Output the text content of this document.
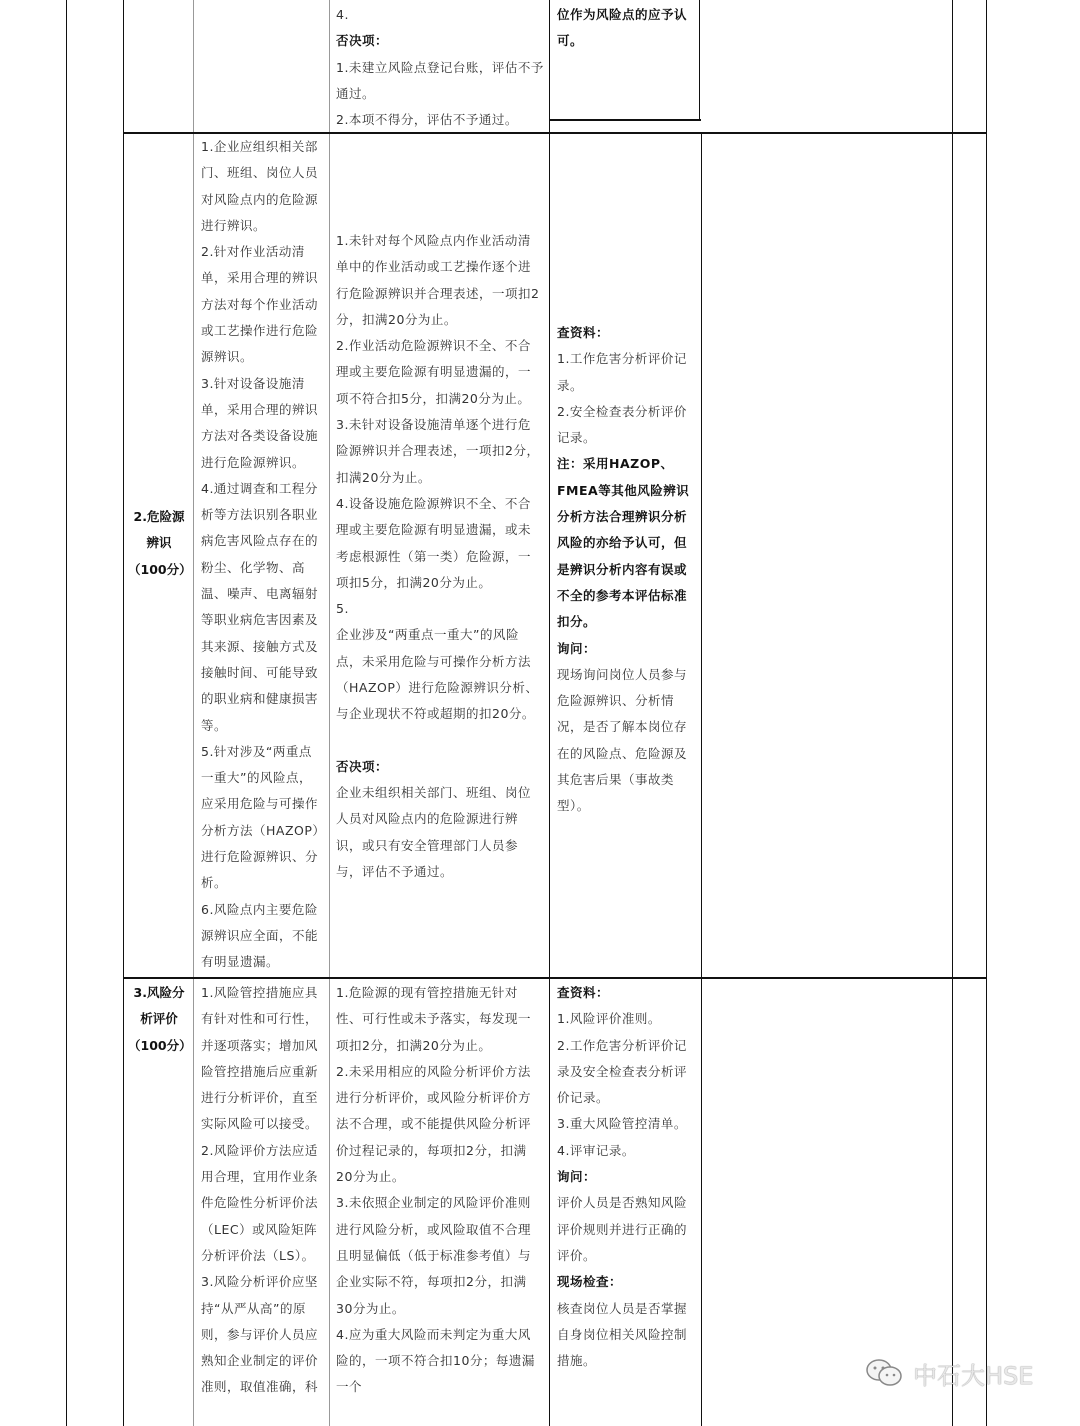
4.
否决项：
1.未建立风险点登记台账，评估不予通过。
2.本项不得分，评估不予通过。
位作为风险点的应予认可。
2.危险源辨识（100分）
1.企业应组织相关部门、班组、岗位人员对风险点内的危险源进行辨识。
2.针对作业活动清单，采用合理的辨识方法对每个作业活动或工艺操作进行危险源辨识。
3.针对设备设施清单，采用合理的辨识方法对各类设备设施进行危险源辨识。
4.通过调查和工程分析等方法识别各职业病危害风险点存在的粉尘、化学物、高温、噪声、电离辐射等职业病危害因素及其来源、接触方式及接触时间、可能导致的职业病和健康损害等。
5.针对涉及“两重点一重大”的风险点，应采用危险与可操作分析方法（HAZOP）进行危险源辨识、分析。
6.风险点内主要危险源辨识应全面，不能有明显遗漏。
1.未针对每个风险点内作业活动清单中的作业活动或工艺操作逐个进行危险源辨识并合理表述，一项扣2分，扣满20分为止。
2.作业活动危险源辨识不全、不合理或主要危险源有明显遗漏的，一项不符合扣5分，扣满20分为止。
3.未针对设备设施清单逐个进行危险源辨识并合理表述，一项扣2分，扣满20分为止。
4.设备设施危险源辨识不全、不合理或主要危险源有明显遗漏，或未考虑根源性（第一类）危险源，一项扣5分，扣满20分为止。
5.
企业涉及“两重点一重大”的风险点，未采用危险与可操作分析方法（HAZOP）进行危险源辨识分析、与企业现状不符或超期的扣20分。
否决项：
企业未组织相关部门、班组、岗位人员对风险点内的危险源进行辨识，或只有安全管理部门人员参与，评估不予通过。
查资料：
1.工作危害分析评价记录。
2.安全检查表分析评价记录。
注：采用HAZOP、FMEA等其他风险辨识分析方法合理辨识分析风险的亦给予认可，但是辨识分析内容有误或不全的参考本评估标准扣分。
询问：
现场询问岗位人员参与危险源辨识、分析情况，是否了解本岗位存在的风险点、危险源及其危害后果（事故类型）。
3.风险分析评价（100分）
1.风险管控措施应具有针对性和可行性，并逐项落实；增加风险管控措施后应重新进行分析评价，直至实际风险可以接受。
2.风险评价方法应适用合理，宜用作业条件危险性分析评价法（LEC）或风险矩阵分析评价法（LS）。
3.风险分析评价应坚持“从严从高”的原则，参与评价人员应熟知企业制定的评价准则，取值准确，科
1.危险源的现有管控措施无针对性、可行性或未予落实，每发现一项扣2分，扣满20分为止。
2.未采用相应的风险分析评价方法进行分析评价，或风险分析评价方法不合理，或不能提供风险分析评价过程记录的，每项扣2分，扣满20分为止。
3.未依照企业制定的风险评价准则进行风险分析，或风险取值不合理且明显偏低（低于标准参考值）与企业实际不符，每项扣2分，扣满30分为止。
4.应为重大风险而未判定为重大风险的，一项不符合扣10分；每遗漏一个
查资料：
1.风险评价准则。
2.工作危害分析评价记录及安全检查表分析评价记录。
3.重大风险管控清单。
4.评审记录。
询问：
评价人员是否熟知风险评价规则并进行正确的评价。
现场检查：
核查岗位人员是否掌握自身岗位相关风险控制措施。
中石大HSE
